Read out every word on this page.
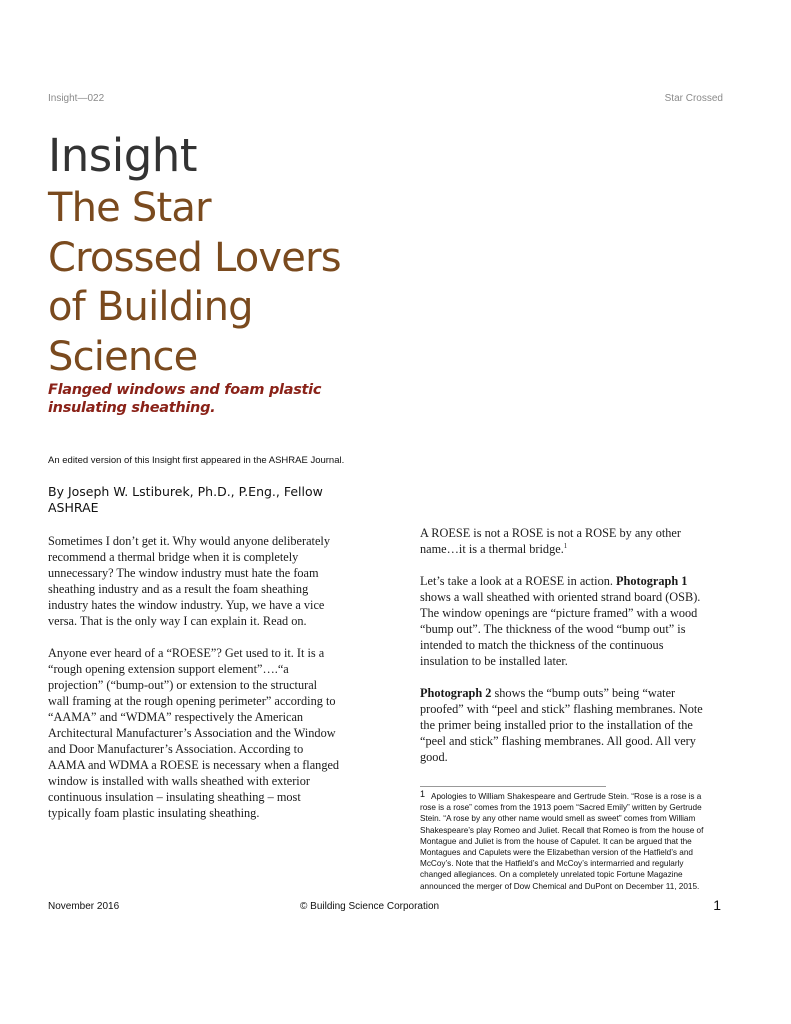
Insight—022	Star Crossed
Insight
The Star
Crossed Lovers
of Building
Science
Flanged windows and foam plastic
insulating sheathing.
An edited version of this Insight first appeared in the ASHRAE Journal.
By Joseph W. Lstiburek, Ph.D., P.Eng., Fellow
ASHRAE

Sometimes I don’t get it. Why would anyone deliberately
recommend a thermal bridge when it is completely
unnecessary? The window industry must hate the foam
sheathing industry and as a result the foam sheathing
industry hates the window industry. Yup, we have a vice
versa. That is the only way I can explain it. Read on.

Anyone ever heard of a “ROESE”? Get used to it. It is a
“rough opening extension support element”….“a
projection” (“bump-out”) or extension to the structural
wall framing at the rough opening perimeter” according to
“AAMA” and “WDMA” respectively the American
Architectural Manufacturer’s Association and the Window
and Door Manufacturer’s Association. According to
AAMA and WDMA a ROESE is necessary when a flanged
window is installed with walls sheathed with exterior
continuous insulation – insulating sheathing – most
typically foam plastic insulating sheathing.

A ROESE is not a ROSE is not a ROSE by any other
name…it is a thermal bridge.$^1$

Let’s take a look at a ROESE in action. Photograph 1
shows a wall sheathed with oriented strand board (OSB).
The window openings are “picture framed” with a wood
“bump out”. The thickness of the wood “bump out” is
intended to match the thickness of the continuous
insulation to be installed later.

Photograph 2 shows the “bump outs” being “water
proofed” with “peel and stick” flashing membranes. Note
the primer being installed prior to the installation of the
“peel and stick” flashing membranes. All good. All very
good.

1 Apologies to William Shakespeare and Gertrude Stein. “Rose is a rose is a
rose is a rose” comes from the 1913 poem “Sacred Emily” written by Gertrude
Stein. “A rose by any other name would smell as sweet” comes from William
Shakespeare’s play Romeo and Juliet. Recall that Romeo is from the house of
Montague and Juliet is from the house of Capulet. It can be argued that the
Montagues and Capulets were the Elizabethan version of the Hatfield’s and
McCoy’s. Note that the Hatfield’s and McCoy’s intermarried and regularly
changed allegiances. On a completely unrelated topic Fortune Magazine
announced the merger of Dow Chemical and DuPont on December 11, 2015.
November 2016	© Building Science Corporation	1
